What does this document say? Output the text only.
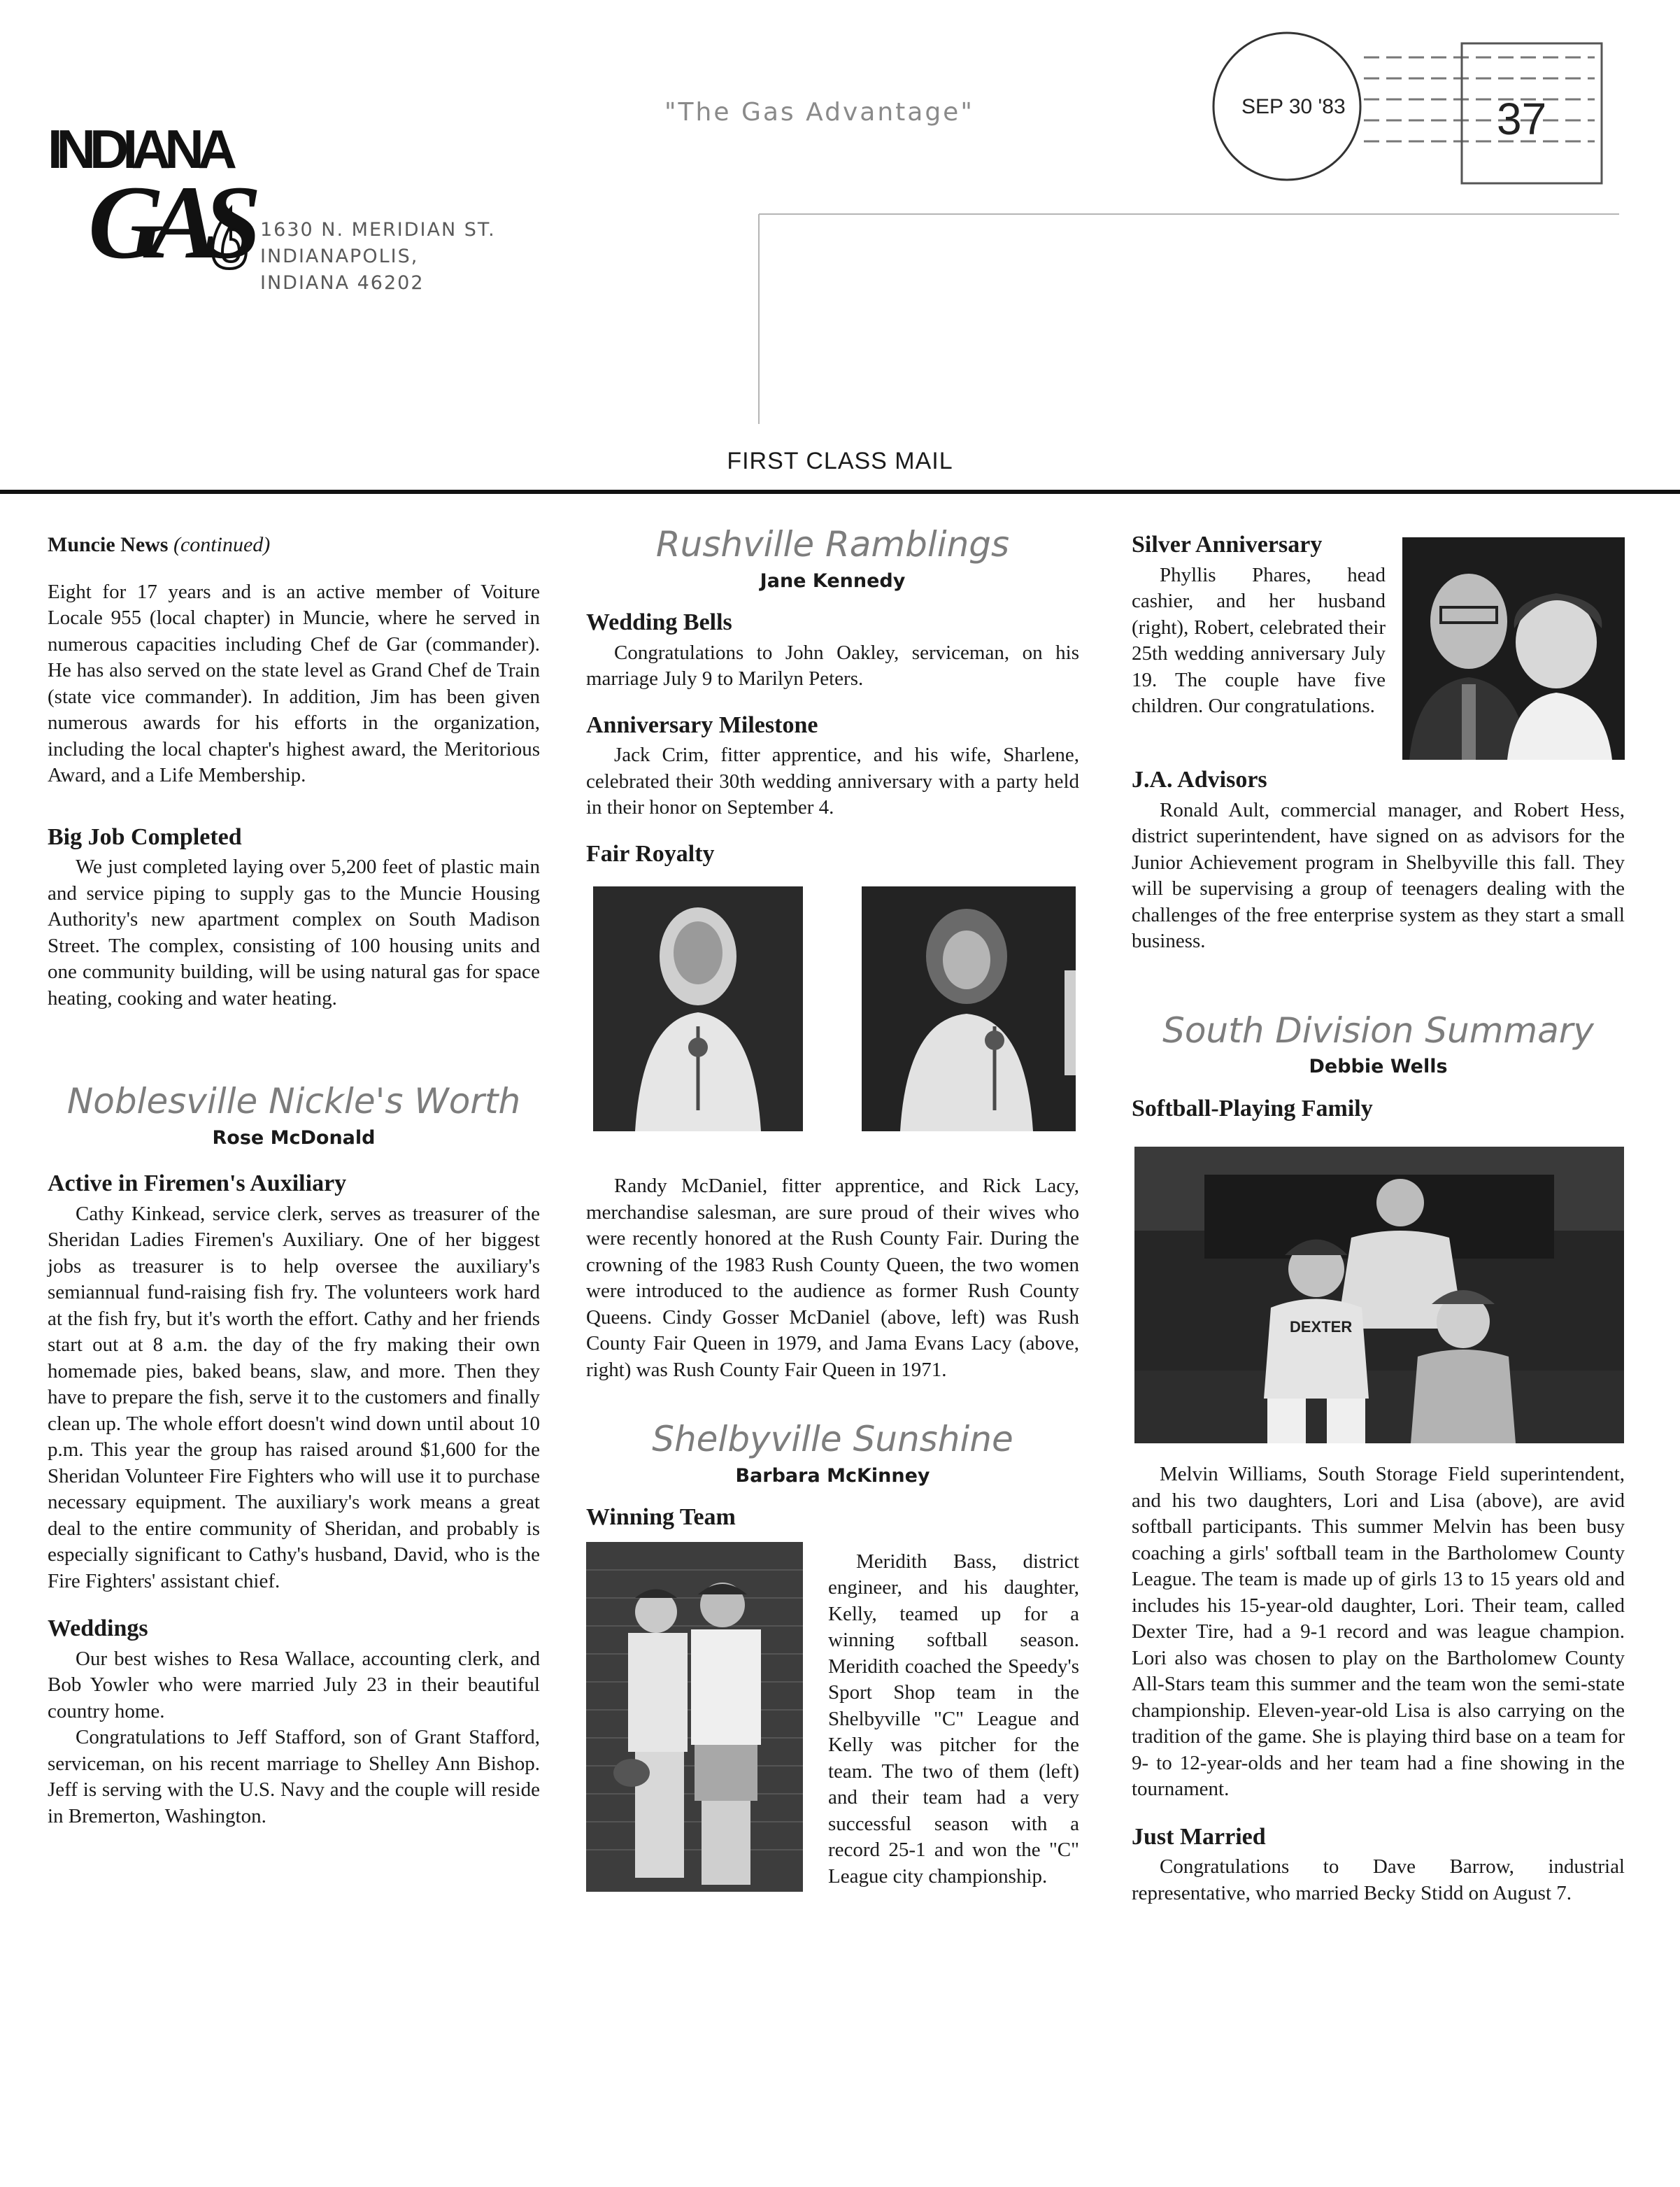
INDIANA
GAS 1630 N. MERIDIAN ST.
INDIANAPOLIS,
INDIANA 46202
"The Gas Advantage"	SEP 30 '83	37
FIRST CLASS MAIL
Muncie News (continued)

Eight for 17 years and is an active member of Voiture Locale 955 (local chapter) in Muncie, where he served in numerous capacities including Chef de Gar (commander). He has also served on the state level as Grand Chef de Train (state vice commander). In addition, Jim has been given numerous awards for his efforts in the organization, including the local chapter's highest award, the Meritorious Award, and a Life Membership.

Big Job Completed

We just completed laying over 5,200 feet of plastic main and service piping to supply gas to the Muncie Housing Authority's new apartment complex on South Madison Street. The complex, consisting of 100 housing units and one community building, will be using natural gas for space heating, cooking and water heating.

Noblesville Nickle's Worth
Rose McDonald
Active in Firemen's Auxiliary

Cathy Kinkead, service clerk, serves as treasurer of the Sheridan Ladies Firemen's Auxiliary. One of her biggest jobs as treasurer is to help oversee the auxiliary's semiannual fund-raising fish fry. The volunteers work hard at the fish fry, but it's worth the effort. Cathy and her friends start out at 8 a.m. the day of the fry making their own homemade pies, baked beans, slaw, and more. Then they have to prepare the fish, serve it to the customers and finally clean up. The whole effort doesn't wind down until about 10 p.m. This year the group has raised around $1,600 for the Sheridan Volunteer Fire Fighters who will use it to purchase necessary equipment. The auxiliary's work means a great deal to the entire community of Sheridan, and probably is especially significant to Cathy's husband, David, who is the Fire Fighters' assistant chief.

Weddings

Our best wishes to Resa Wallace, accounting clerk, and Bob Yowler who were married July 23 in their beautiful country home.

Congratulations to Jeff Stafford, son of Grant Stafford, serviceman, on his recent marriage to Shelley Ann Bishop. Jeff is serving with the U.S. Navy and the couple will reside in Bremerton, Washington.

Rushville Ramblings
Jane Kennedy
Wedding Bells

Congratulations to John Oakley, serviceman, on his marriage July 9 to Marilyn Peters.

Anniversary Milestone

Jack Crim, fitter apprentice, and his wife, Sharlene, celebrated their 30th wedding anniversary with a party held in their honor on September 4.

Fair Royalty

Randy McDaniel, fitter apprentice, and Rick Lacy, merchandise salesman, are sure proud of their wives who were recently honored at the Rush County Fair. During the crowning of the 1983 Rush County Queen, the two women were introduced to the audience as former Rush County Queens. Cindy Gosser McDaniel (above, left) was Rush County Fair Queen in 1979, and Jama Evans Lacy (above, right) was Rush County Fair Queen in 1971.

Shelbyville Sunshine
Barbara McKinney
Winning Team

Meridith Bass, district engineer, and his daughter, Kelly, teamed up for a winning softball season. Meridith coached the Speedy's Sport Shop team in the Shelbyville "C" League and Kelly was pitcher for the team. The two of them (left) and their team had a very successful season with a record 25-1 and won the "C" League city championship.

Silver Anniversary

Phyllis Phares, head cashier, and her husband (right), Robert, celebrated their 25th wedding anniversary July 19. The couple have five children. Our congratulations.

J.A. Advisors

Ronald Ault, commercial manager, and Robert Hess, district superintendent, have signed on as advisors for the Junior Achievement program in Shelbyville this fall. They will be supervising a group of teenagers dealing with the challenges of the free enterprise system as they start a small business.

South Division Summary
Debbie Wells
Softball-Playing Family
DEXTER

Melvin Williams, South Storage Field superintendent, and his two daughters, Lori and Lisa (above), are avid softball participants. This summer Melvin has been busy coaching a girls' softball team in the Bartholomew County League. The team is made up of girls 13 to 15 years old and includes his 15-year-old daughter, Lori. Their team, called Dexter Tire, had a 9-1 record and was league champion. Lori also was chosen to play on the Bartholomew County All-Stars team this summer and the team won the semi-state championship. Eleven-year-old Lisa is also carrying on the tradition of the game. She is playing third base on a team for 9- to 12-year-olds and her team had a fine showing in the tournament.

Just Married

Congratulations to Dave Barrow, industrial representative, who married Becky Stidd on August 7.
